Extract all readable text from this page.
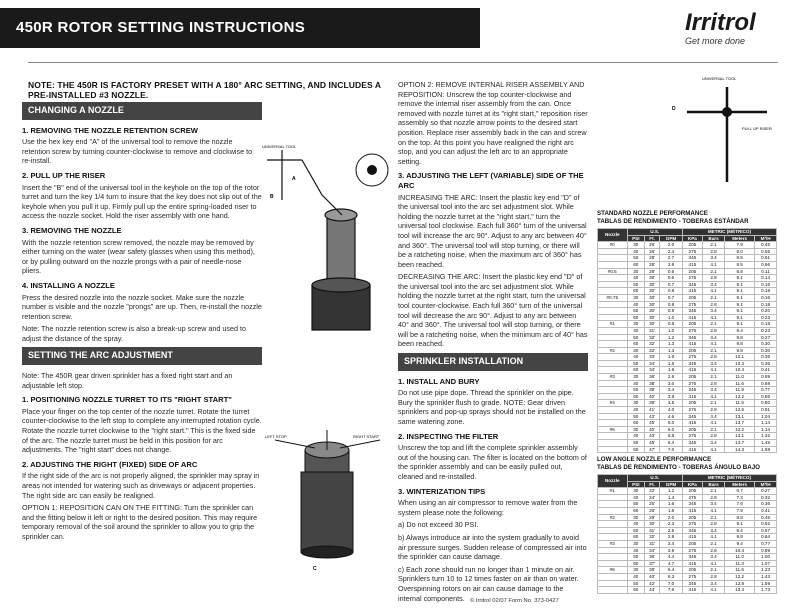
450R ROTOR SETTING INSTRUCTIONS	Irritrol
Get more done
NOTE: THE 450R IS FACTORY PRESET WITH A 180° ARC SETTING, AND INCLUDES A PRE-INSTALLED #3 NOZZLE.
CHANGING A NOZZLE
1. REMOVING THE NOZZLE RETENTION SCREW

Use the hex key end "A" of the universal tool to remove the nozzle retention screw by turning counter-clockwise to remove and clockwise to re-install.

2. PULL UP THE RISER

Insert the "B" end of the universal tool in the keyhole on the top of the rotor turret and turn the key 1/4 turn to insure that the key does not slip out of the keyhole when you pull it up. Firmly pull up the entire spring-loaded riser to access the nozzle socket. Hold the riser assembly with one hand.

3. REMOVING THE NOZZLE

With the nozzle retention screw removed, the nozzle may be removed by either turning on the water (wear safety glasses when using this method), or by pulling outward on the nozzle prongs with a pair of needle-nose pliers.

4. INSTALLING A NOZZLE

Press the desired nozzle into the nozzle socket. Make sure the nozzle number is visible and the nozzle "prongs" are up. Then, re-install the nozzle retention screw.

Note: The nozzle retention screw is also a break-up screw and used to adjust the distance of the spray.

SETTING THE ARC ADJUSTMENT

Note: The 450R gear driven sprinkler has a fixed right start and an adjustable left stop.

1. POSITIONING NOZZLE TURRET TO ITS "RIGHT START"

Place your finger on the top center of the nozzle turret. Rotate the turret counter-clockwise to the left stop to complete any interrupted rotation cycle. Rotate the nozzle turret clockwise to the "right start." This is the fixed side of the arc. The nozzle turret must be held in this position for arc adjustments. The "right start" does not change.

2. ADJUSTING THE RIGHT (FIXED) SIDE OF ARC

If the right side of the arc is not properly aligned, the sprinkler may spray in areas not intended for watering such as driveways or adjacent properties. The right side arc can easily be realigned.

OPTION 1: REPOSITION CAN ON THE FITTING: Turn the sprinkler can and the fitting below it left or right to the desired position. This may require temporary removal of the soil around the sprinkler to allow you to grip the sprinkler can.

UNIVERSAL TOOL
A
B
LEFT STOP	RIGHT START
C

OPTION 2: REMOVE INTERNAL RISER ASSEMBLY AND REPOSITION: Unscrew the top counter-clockwise and remove the internal riser assembly from the can. Once removed with nozzle turret at its "right start," reposition riser assembly so that nozzle arrow points to the desired start position. Replace riser assembly back in the can and screw on the top. At this point you have realigned the right arc stop, and you can adjust the left arc to an appropriate setting.

3. ADJUSTING THE LEFT (VARIABLE) SIDE OF THE ARC

INCREASING THE ARC: Insert the plastic key end "D" of the universal tool into the arc set adjustment slot. While holding the nozzle turret at the "right start," turn the universal tool clockwise. Each full 360° turn of the universal tool will increase the arc 90°. Adjust to any arc between 40° and 360°. The universal tool will stop turning, or there will be a ratcheting noise, when the maximum arc of 360° has been reached.

DECREASING THE ARC: Insert the plastic key end "D" of the universal tool into the arc set adjustment slot. While holding the nozzle turret at the right start, turn the universal tool counter-clockwise. Each full 360° turn of the universal tool will decrease the arc 90°. Adjust to any arc between 40° and 360°. The universal tool will stop turning, or there will be a ratcheting noise, when the minimum arc of 40° has been reached.

SPRINKLER INSTALLATION
1. INSTALL AND BURY

Do not use pipe dope. Thread the sprinkler on the pipe. Bury the sprinkler flush to grade. NOTE: Gear driven sprinklers and pop-up sprays should not be installed on the same watering zone.

2. INSPECTING THE FILTER

Unscrew the top and lift the complete sprinkler assembly out of the housing can. The filter is located on the bottom of the sprinkler assembly and can be easily pulled out, cleaned and re-installed.

3. WINTERIZATION TIPS

When using an air compressor to remove water from the system please note the following:

a) Do not exceed 30 PSI.

b) Always introduce air into the system gradually to avoid air pressure surges. Sudden release of compressed air into the sprinkler can cause damage.

c) Each zone should run no longer than 1 minute on air. Sprinklers turn 10 to 12 times faster on air than on water. Overspinning rotors on air can cause damage to the internal components.

UNIVERSAL TOOL
D
PULL UP RISER
STANDARD NOZZLE PERFORMANCE
TABLAS DE RENDIMIENTO - TOBERAS ESTÁNDAR
Nozzle	U.S.			METRIC (MÉTRICO)			
	PSI	Ft.	GPM	KPa	Bars	Meters	M³/H
#0	30	26'	2.0	205	2.1	7.9	0.45
	40	26'	2.4	275	2.8	8.0	0.55
	50	28'	2.7	345	3.4	8.5	0.61
	60	28'	2.9	415	4.1	8.5	0.66
#0.5	30	29'	0.5	205	2.1	8.8	0.11
	40	30'	0.6	275	2.8	9.1	0.14
	50	30'	0.7	345	3.4	9.1	0.16
	60	30'	0.8	415	4.1	9.1	0.18
#0.75	30	30'	0.7	205	2.1	9.1	0.16
	40	30'	0.8	275	2.8	9.1	0.18
	50	30'	0.9	345	3.4	9.1	0.20
	60	30'	1.0	415	4.1	9.1	0.23
#1	30	30'	0.8	205	2.1	9.1	0.18
	40	31'	1.0	275	2.8	9.4	0.23
	50	32'	1.2	345	3.4	9.8	0.27
	60	32'	1.3	415	4.1	9.8	0.30
#2	30	32'	1.3	205	2.1	9.8	0.30
	40	33'	1.6	275	2.8	10.1	0.36
	50	34'	1.6	345	3.4	10.4	0.36
	60	34'	1.8	415	4.1	10.4	0.41
#3	30	36'	2.6	205	2.1	11.0	0.59
	40	38'	3.0	275	2.8	11.6	0.68
	50	39'	3.4	345	3.4	11.9	0.77
	60	40'	3.8	415	4.1	12.2	0.86
#4	30	38'	3.5	205	2.1	11.6	0.80
	40	41'	4.0	275	2.8	12.5	0.91
	50	43'	4.6	345	3.4	13.1	1.04
	60	45'	5.0	415	4.1	13.7	1.14
#6	30	40'	5.0	205	2.1	12.2	1.14
	40	43'	5.8	275	2.8	13.1	1.32
	50	45'	6.4	345	3.4	13.7	1.45
	60	47'	7.0	415	4.1	14.3	1.59
LOW ANGLE NOZZLE PERFORMANCE
TABLAS DE RENDIMIENTO - TOBERAS ÁNGULO BAJO
Nozzle	U.S.			METRIC (MÉTRICO)			
	PSI	Ft.	GPM	KPa	Bars	Meters	M³/H
#1	30	22'	1.2	205	2.1	6.7	0.27
	40	24'	1.4	275	2.8	7.3	0.32
	50	25'	1.6	345	3.4	7.6	0.36
	60	26'	1.8	415	4.1	7.9	0.41
#2	30	29'	2.0	205	2.1	8.8	0.45
	40	30'	2.3	275	2.8	9.1	0.52
	50	31'	2.5	345	3.4	9.4	0.57
	60	32'	2.8	415	4.1	9.8	0.64
#3	30	31'	3.4	205	2.1	9.4	0.77
	40	34'	3.9	275	2.8	10.4	0.89
	50	36'	4.4	345	3.4	11.0	1.00
	60	37'	4.7	415	4.1	11.3	1.07
#6	30	38'	5.4	205	2.1	11.6	1.23
	40	40'	6.3	275	2.8	12.2	1.43
	50	42'	7.0	345	3.4	12.8	1.59
	60	44'	7.6	415	4.1	13.4	1.73
© Irritrol 02/07 Form No. 373-0427
